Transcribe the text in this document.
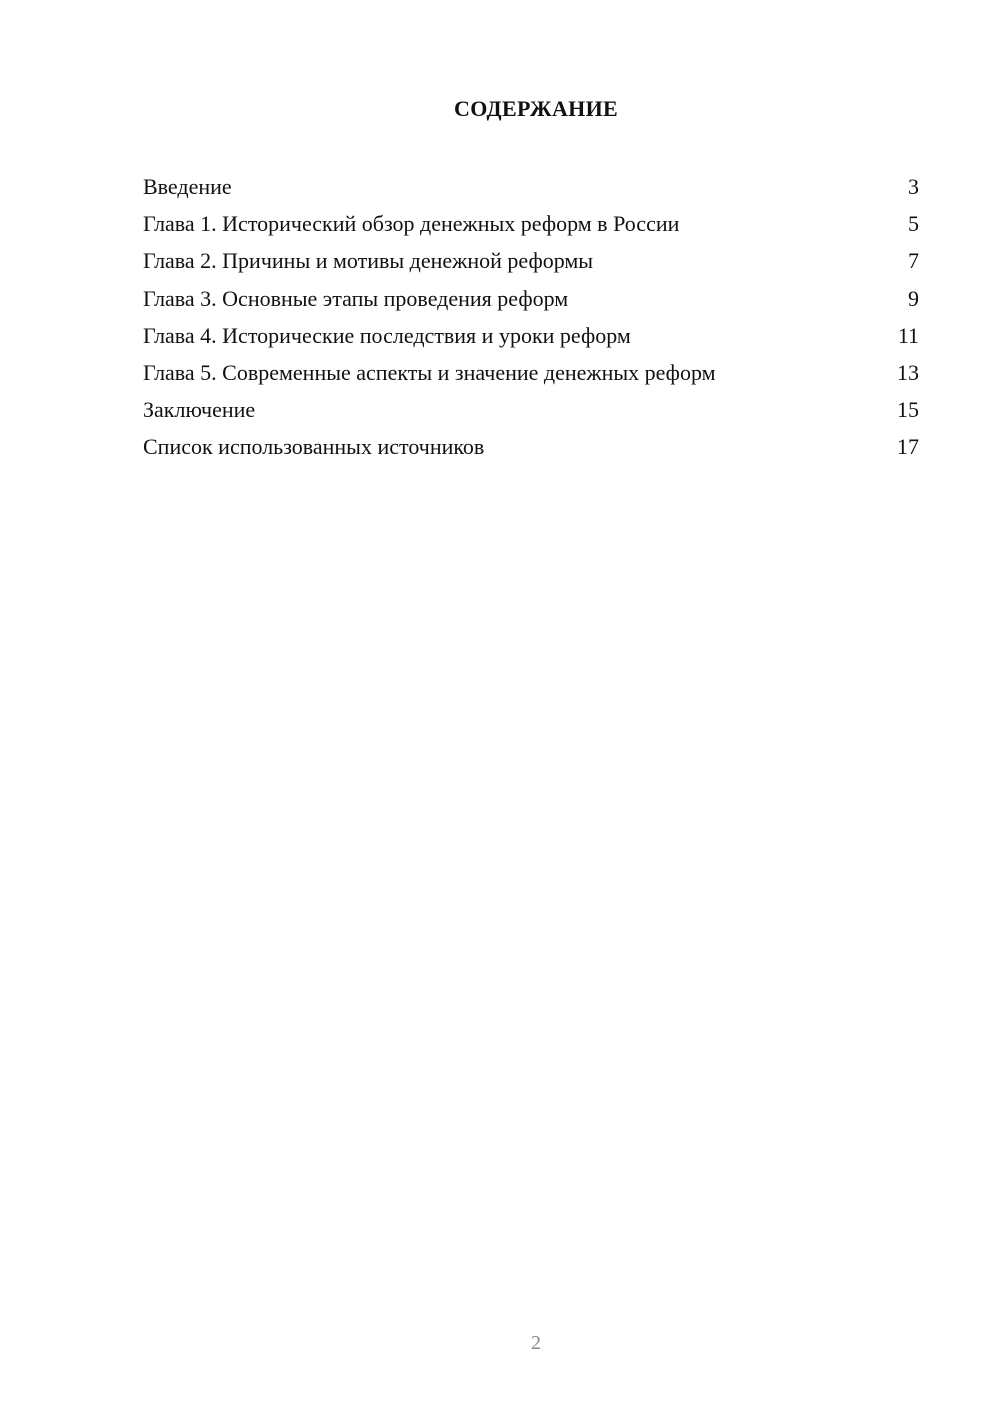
СОДЕРЖАНИЕ
Введение	3
Глава 1. Исторический обзор денежных реформ в России	5
Глава 2. Причины и мотивы денежной реформы	7
Глава 3. Основные этапы проведения реформ	9
Глава 4. Исторические последствия и уроки реформ	11
Глава 5. Современные аспекты и значение денежных реформ	13
Заключение	15
Список использованных источников	17
2
